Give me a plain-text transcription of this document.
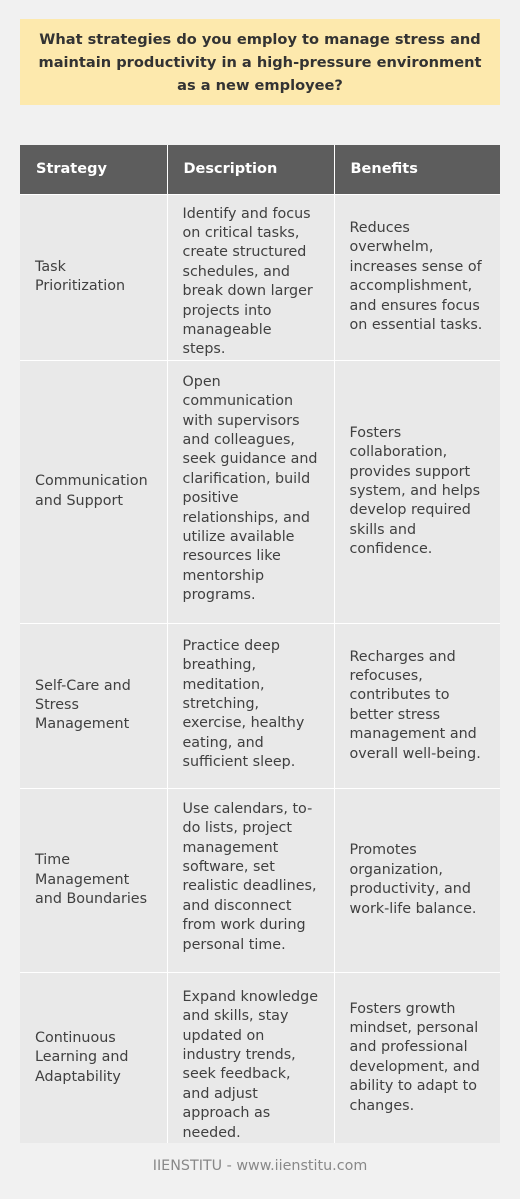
What strategies do you employ to manage stress and maintain productivity in a high-pressure environment as a new employee?
Strategy	Description	Benefits
Task Prioritization	Identify and focus on critical tasks, create structured schedules, and break down larger projects into manageable steps.	Reduces overwhelm, increases sense of accomplishment, and ensures focus on essential tasks.
Communication and Support	Open communication with supervisors and colleagues, seek guidance and clarification, build positive relationships, and utilize available resources like mentorship programs.	Fosters collaboration, provides support system, and helps develop required skills and confidence.
Self-Care and Stress Management	Practice deep breathing, meditation, stretching, exercise, healthy eating, and sufficient sleep.	Recharges and refocuses, contributes to better stress management and overall well-being.
Time Management and Boundaries	Use calendars, to-do lists, project management software, set realistic deadlines, and disconnect from work during personal time.	Promotes organization, productivity, and work-life balance.
Continuous Learning and Adaptability	Expand knowledge and skills, stay updated on industry trends, seek feedback, and adjust approach as needed.	Fosters growth mindset, personal and professional development, and ability to adapt to changes.
IIENSTITU - www.iienstitu.com
